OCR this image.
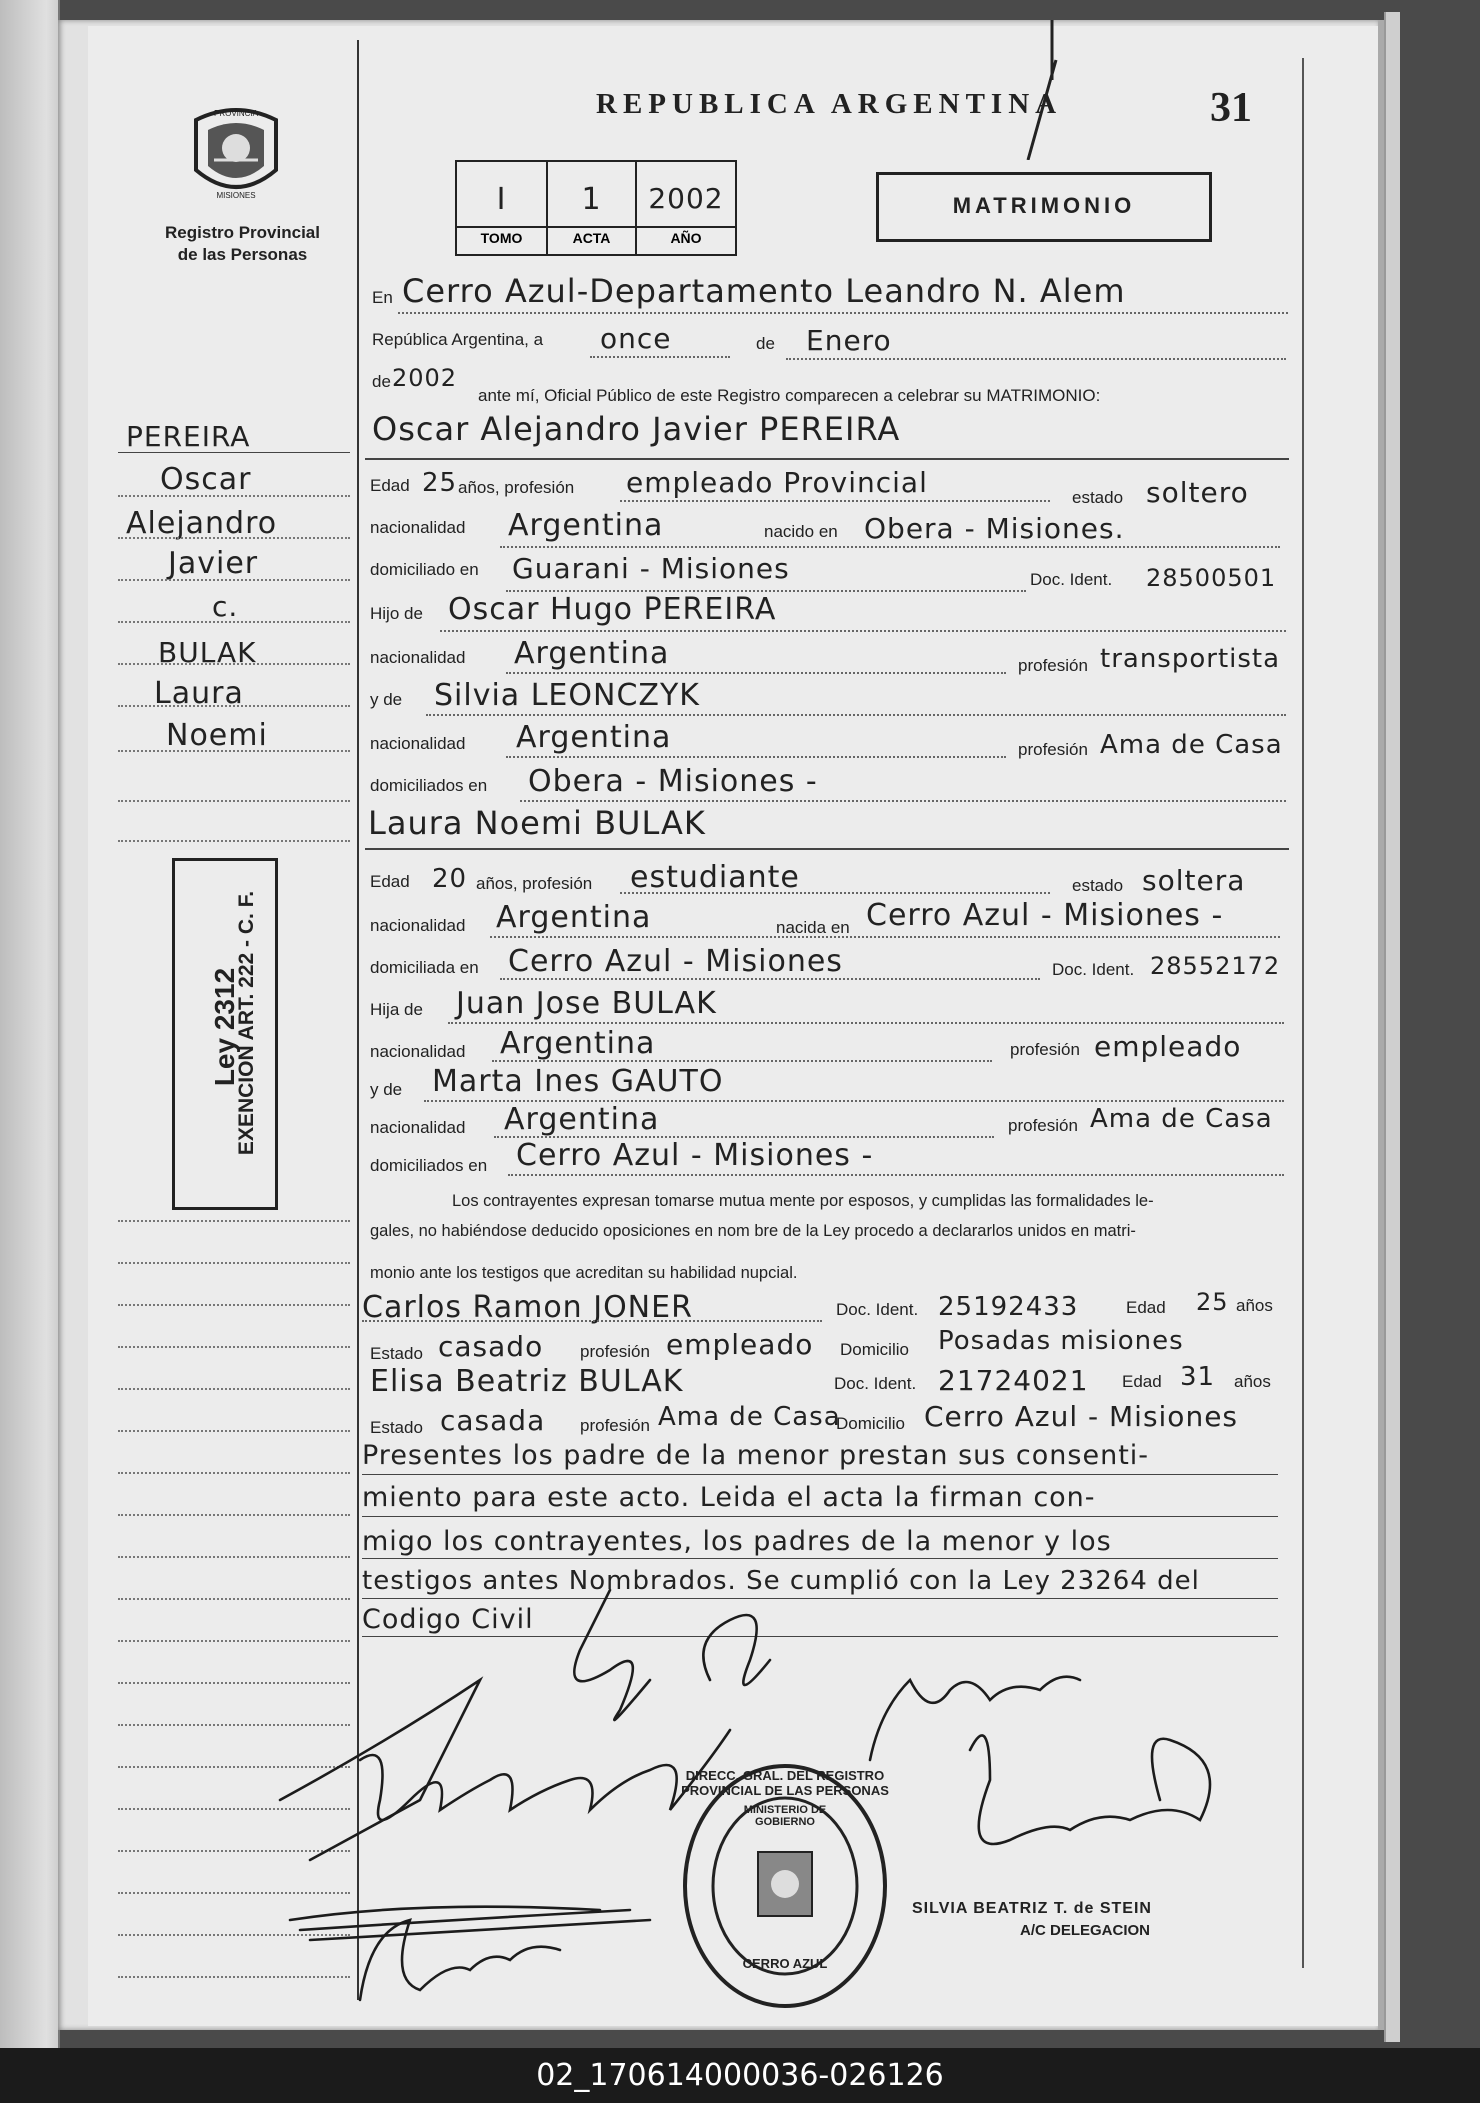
PROVINCIA
MISIONES
Registro Provincial
de las Personas
REPUBLICA ARGENTINA	31
I	1	2002
TOMO	ACTA	AÑO
MATRIMONIO
PEREIRA
Oscar
Alejandro
Javier
c.
BULAK
Laura
Noemi
Ley 2312
EXENCION ART. 222 - C. F.
En Cerro Azul-Departamento Leandro N. Alem
República Argentina, a once	de Enero
de 2002
ante mí, Oficial Público de este Registro comparecen a celebrar su MATRIMONIO:
Oscar Alejandro Javier PEREIRA
Edad 25 años, profesión empleado Provincial	estado soltero
nacionalidad Argentina	nacido en Obera - Misiones.
domiciliado en Guarani - Misiones	Doc. Ident. 28500501
Hijo de Oscar Hugo PEREIRA
nacionalidad Argentina	profesión transportista
y de Silvia LEONCZYK
nacionalidad Argentina	profesión Ama de Casa
domiciliados en Obera - Misiones -
Laura Noemi BULAK
Edad 20 años, profesión estudiante	estado soltera
nacionalidad Argentina	nacida en Cerro Azul - Misiones -
domiciliada en Cerro Azul - Misiones	Doc. Ident. 28552172
Hija de Juan Jose BULAK
nacionalidad Argentina	profesión empleado
y de Marta Ines GAUTO
nacionalidad Argentina	profesión Ama de Casa
domiciliados en Cerro Azul - Misiones -
Los contrayentes expresan tomarse mutua mente por esposos, y cumplidas las formalidades le-
gales, no habiéndose deducido oposiciones en nom bre de la Ley procedo a declararlos unidos en matri-
monio ante los testigos que acreditan su habilidad nupcial.
Carlos Ramon JONER	Doc. Ident. 25192433	Edad 25 años
Estado casado profesión empleado Domicilio Posadas misiones
Elisa Beatriz BULAK	Doc. Ident. 21724021 Edad 31 años
Estado casada profesión Ama de Casa
Domicilio Cerro Azul - Misiones
Presentes los padre de la menor prestan sus consenti-
miento para este acto. Leida el acta la firman con-
migo los contrayentes, los padres de la menor y los
testigos antes Nombrados. Se cumplió con la Ley 23264 del
Codigo Civil
DIRECC. GRAL. DEL REGISTRO PROVINCIAL DE LAS PERSONAS
MINISTERIO DE GOBIERNO
CERRO AZUL
SILVIA BEATRIZ T. de STEIN
A/C DELEGACION
02_170614000036-026126
